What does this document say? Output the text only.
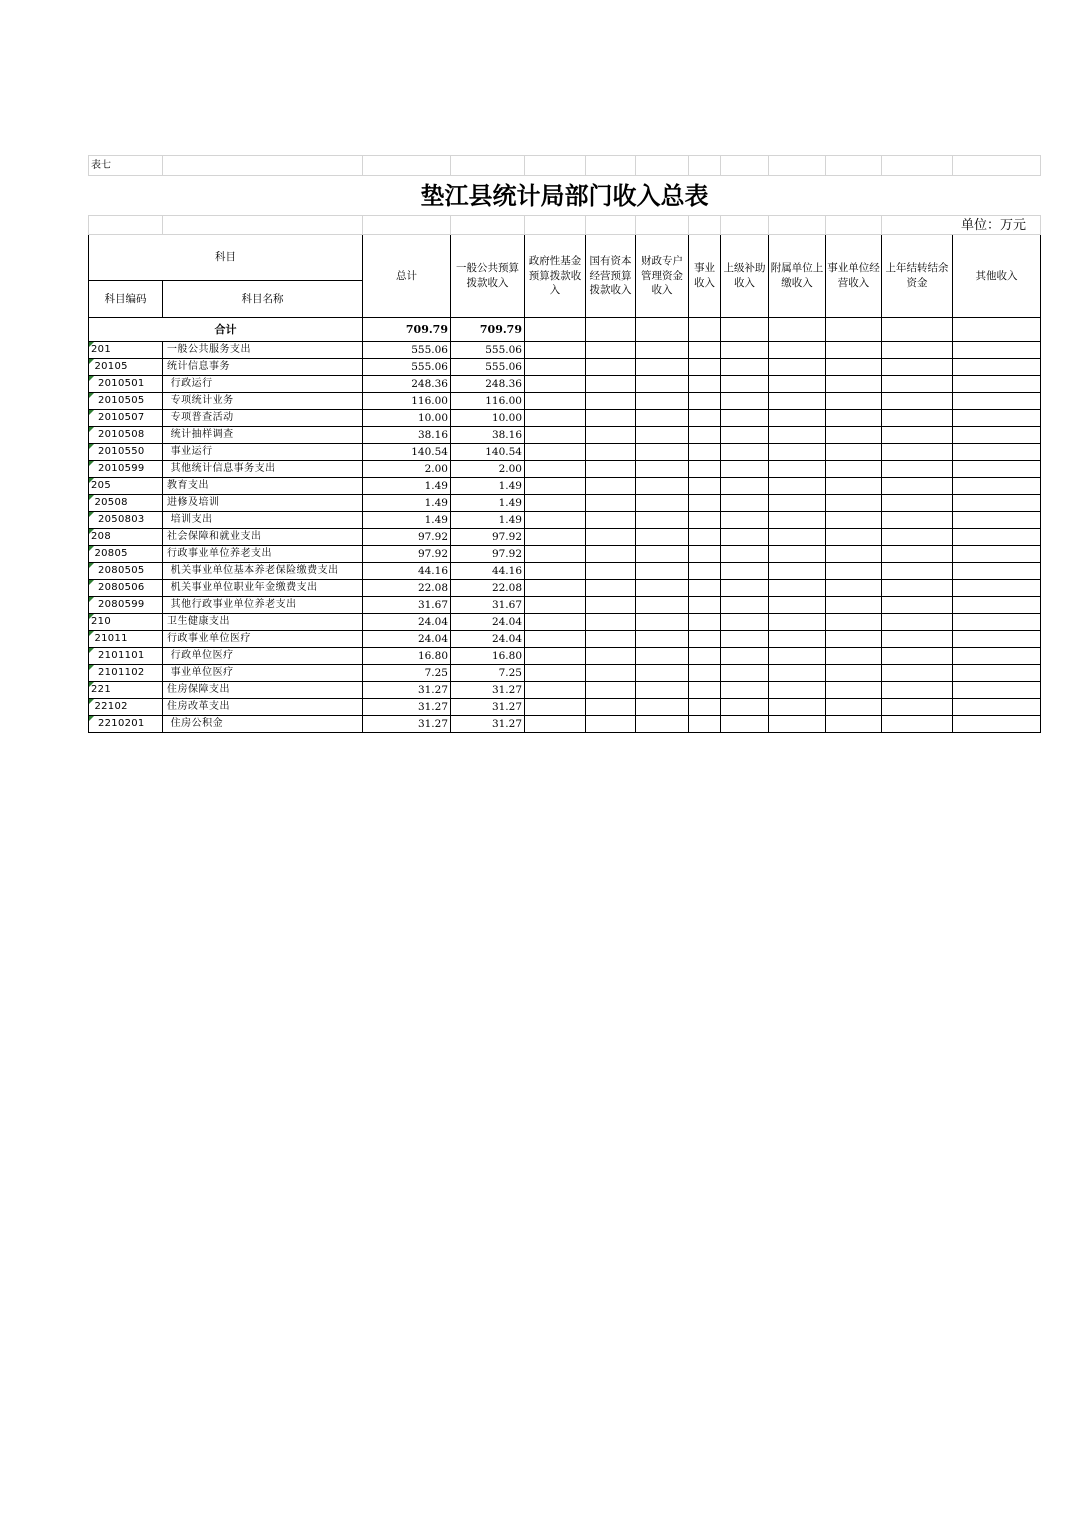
表七												
垫江县统计局部门收入总表												
											单位：万元	
科目		总计	一般公共预算拨款收入	政府性基金预算拨款收入	国有资本经营预算拨款收入	财政专户管理资金收入	事业收入	上级补助收入	附属单位上缴收入	事业单位经营收入	上年结转结余资金	其他收入
科目编码	科目名称											
合计		709.79	709.79									
201	一般公共服务支出	555.06	555.06									
20105	统计信息事务	555.06	555.06									
2010501	行政运行	248.36	248.36									
2010505	专项统计业务	116.00	116.00									
2010507	专项普查活动	10.00	10.00									
2010508	统计抽样调查	38.16	38.16									
2010550	事业运行	140.54	140.54									
2010599	其他统计信息事务支出	2.00	2.00									
205	教育支出	1.49	1.49									
20508	进修及培训	1.49	1.49									
2050803	培训支出	1.49	1.49									
208	社会保障和就业支出	97.92	97.92									
20805	行政事业单位养老支出	97.92	97.92									
2080505	机关事业单位基本养老保险缴费支出	44.16	44.16									
2080506	机关事业单位职业年金缴费支出	22.08	22.08									
2080599	其他行政事业单位养老支出	31.67	31.67									
210	卫生健康支出	24.04	24.04									
21011	行政事业单位医疗	24.04	24.04									
2101101	行政单位医疗	16.80	16.80									
2101102	事业单位医疗	7.25	7.25									
221	住房保障支出	31.27	31.27									
22102	住房改革支出	31.27	31.27									
2210201	住房公积金	31.27	31.27									
